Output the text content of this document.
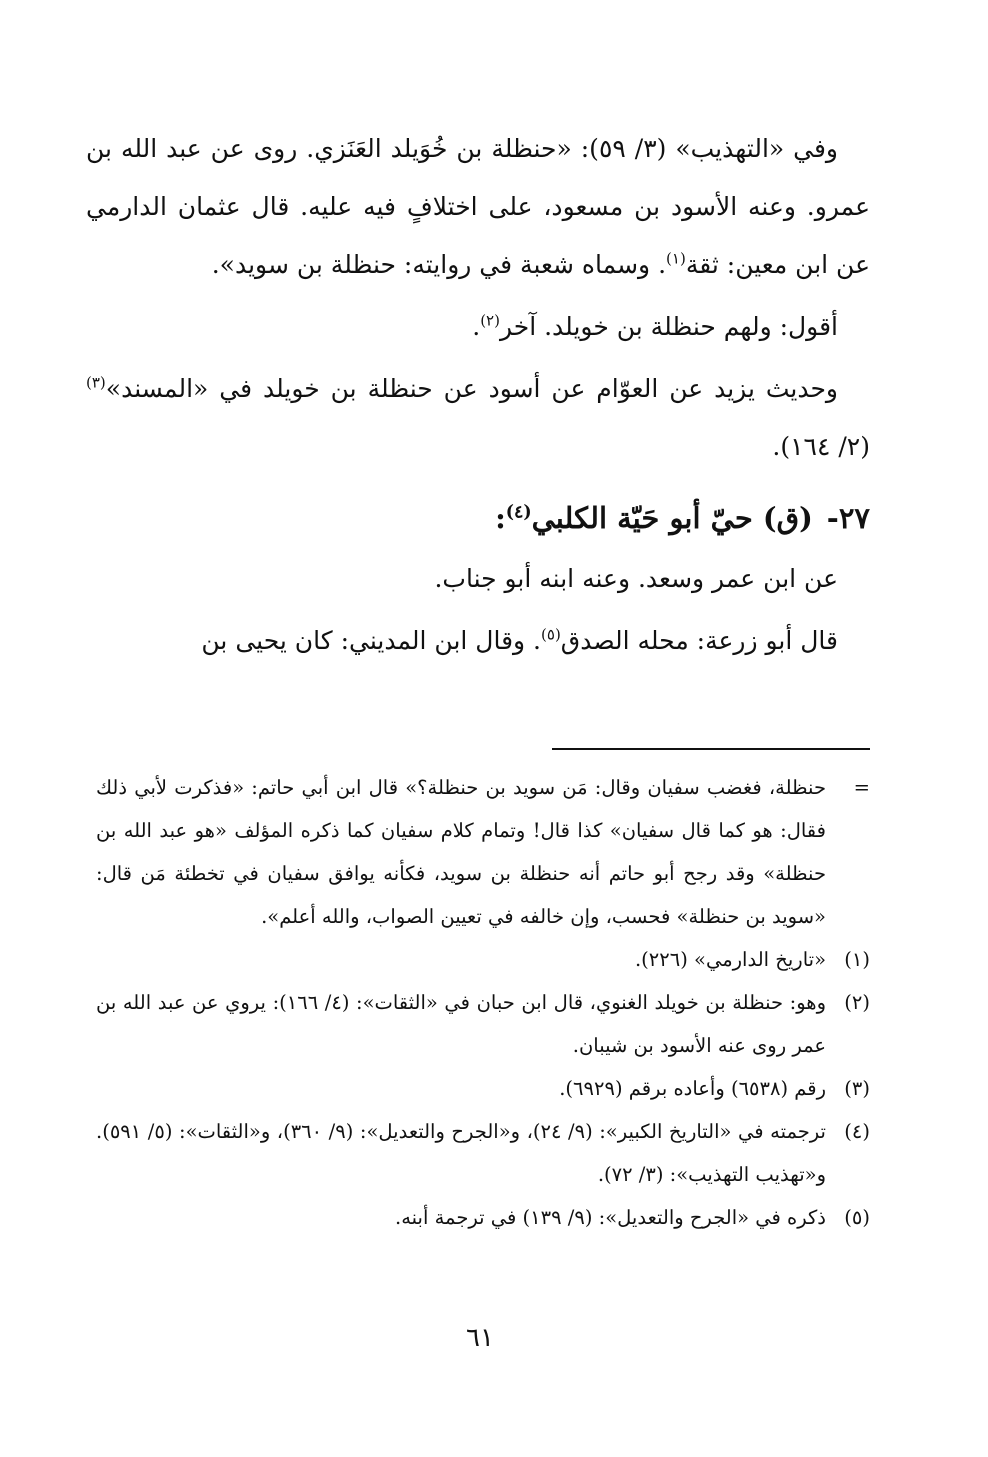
وفي «التهذيب» (٣/ ٥٩): «حنظلة بن خُوَيلد العَنَزي. روى عن عبد الله بن عمرو. وعنه الأسود بن مسعود، على اختلافٍ فيه عليه. قال عثمان الدارمي عن ابن معين: ثقة$^{(١)}$. وسماه شعبة في روايته: حنظلة بن سويد».

أقول: ولهم حنظلة بن خويلد. آخر$^{(٢)}$.

وحديث يزيد عن العوّام عن أسود عن حنظلة بن خويلد في «المسند»$^{(٣)}$ (٢/ ١٦٤).

٢٧-(ق) حيّ أبو حَيّة الكلبي$^{(٤)}$:

عن ابن عمر وسعد. وعنه ابنه أبو جناب.

قال أبو زرعة: محله الصدق$^{(٥)}$. وقال ابن المديني: كان يحيى بن

=
حنظلة، فغضب سفيان وقال: مَن سويد بن حنظلة؟» قال ابن أبي حاتم: «فذكرت لأبي ذلك فقال: هو كما قال سفيان» كذا قال! وتمام كلام سفيان كما ذكره المؤلف «هو عبد الله بن حنظلة» وقد رجح أبو حاتم أنه حنظلة بن سويد، فكأنه يوافق سفيان في تخطئة مَن قال: «سويد بن حنظلة» فحسب، وإن خالفه في تعيين الصواب، والله أعلم».
(١)
«تاريخ الدارمي» (٢٢٦).
(٢)
وهو: حنظلة بن خويلد الغنوي، قال ابن حبان في «الثقات»: (٤/ ١٦٦): يروي عن عبد الله بن عمر روى عنه الأسود بن شيبان.
(٣)
رقم (٦٥٣٨) وأعاده برقم (٦٩٢٩).
(٤)
ترجمته في «التاريخ الكبير»: (٩/ ٢٤)، و«الجرح والتعديل»: (٩/ ٣٦٠)، و«الثقات»: (٥/ ٥٩١). و«تهذيب التهذيب»: (٣/ ٧٢).
(٥)
ذكره في «الجرح والتعديل»: (٩/ ١٣٩) في ترجمة أبنه.
٦١
